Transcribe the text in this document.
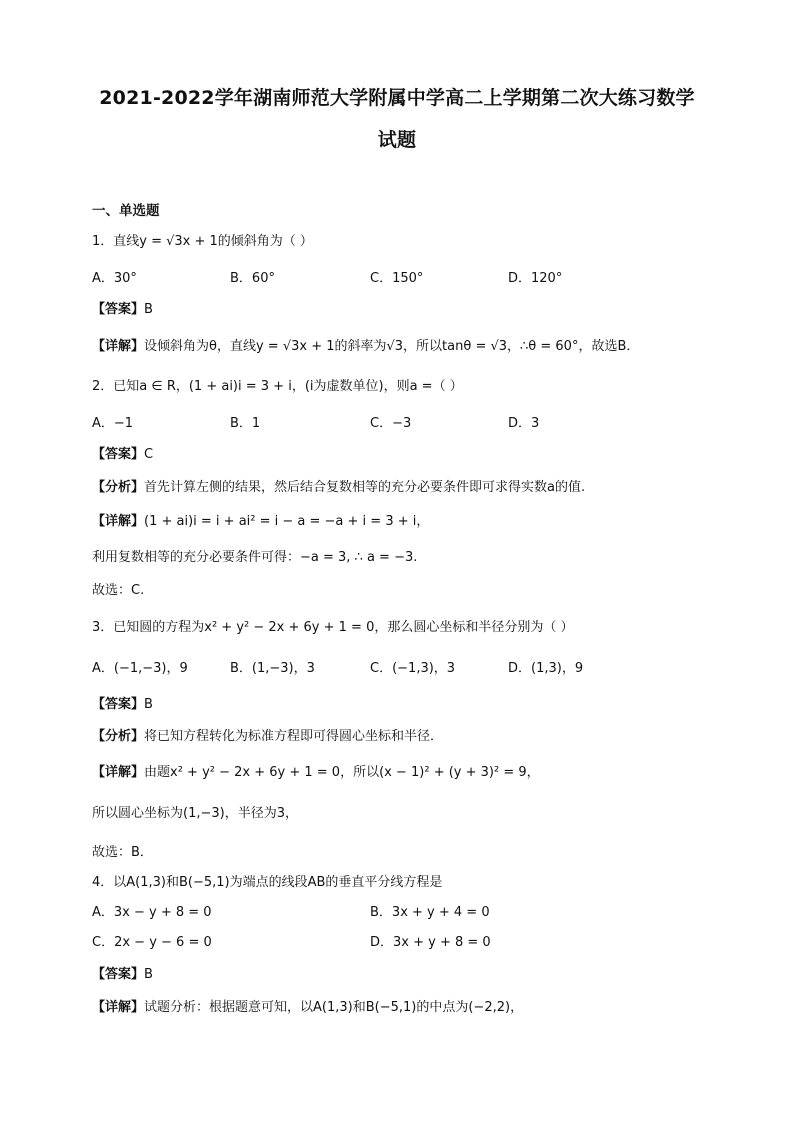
2021-2022学年湖南师范大学附属中学高二上学期第二次大练习数学
试题
一、单选题
1．直线y = √3x + 1的倾斜角为（ ）
A．30°	B．60°	C．150°	D．120°
【答案】B
【详解】设倾斜角为θ，直线y = √3x + 1的斜率为√3，所以tanθ = √3，∴θ = 60°，故选B．
2．已知a ∈ R，(1 + ai)i = 3 + i，(i为虚数单位)，则a =（ ）
A．−1	B．1	C．−3	D．3
【答案】C
【分析】首先计算左侧的结果，然后结合复数相等的充分必要条件即可求得实数a的值.
【详解】(1 + ai)i = i + ai² = i − a = −a + i = 3 + i，
利用复数相等的充分必要条件可得：−a = 3, ∴ a = −3.
故选：C.
3．已知圆的方程为x² + y² − 2x + 6y + 1 = 0，那么圆心坐标和半径分别为（ ）
A．(−1,−3)，9	B．(1,−3)，3	C．(−1,3)，3	D．(1,3)，9
【答案】B
【分析】将已知方程转化为标准方程即可得圆心坐标和半径．
【详解】由题x² + y² − 2x + 6y + 1 = 0，所以(x − 1)² + (y + 3)² = 9，
所以圆心坐标为(1,−3)，半径为3，
故选：B．
4．以A(1,3)和B(−5,1)为端点的线段AB的垂直平分线方程是
A．3x − y + 8 = 0	B．3x + y + 4 = 0
C．2x − y − 6 = 0	D．3x + y + 8 = 0
【答案】B
【详解】试题分析：根据题意可知，以A(1,3)和B(−5,1)的中点为(−2,2)，
